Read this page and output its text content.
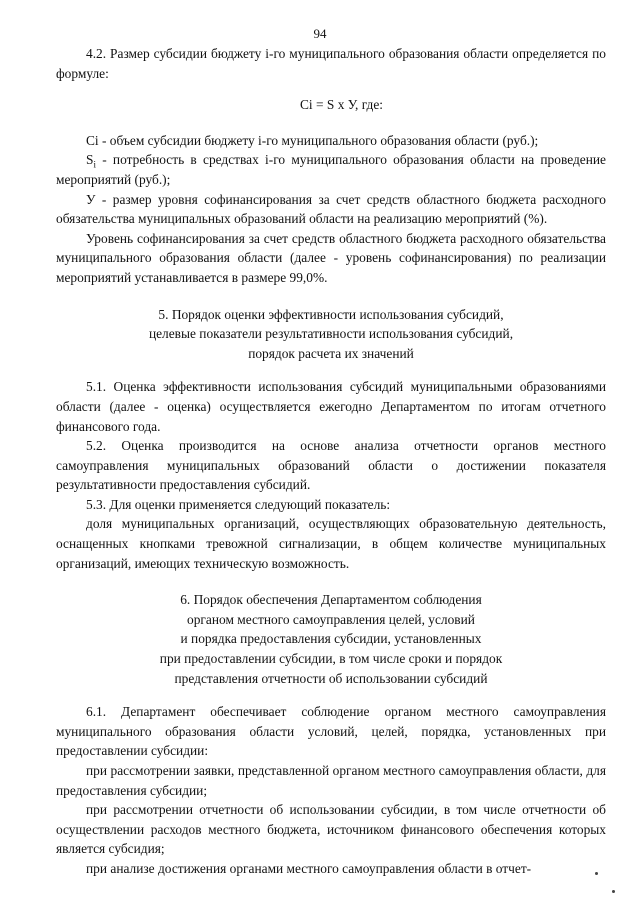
94

4.2. Размер субсидии бюджету i-го муниципального образования области определяется по формуле:

Ci = S х У, где:

Ci - объем субсидии бюджету i-го муниципального образования области (руб.);

$S_i$ - потребность в средствах i-го муниципального образования области на проведение мероприятий (руб.);

У - размер уровня софинансирования за счет средств областного бюджета расходного обязательства муниципальных образований области на реализацию мероприятий (%).

Уровень софинансирования за счет средств областного бюджета расходного обязательства муниципального образования области (далее - уровень софинансирования) по реализации мероприятий устанавливается в размере 99,0%.

5. Порядок оценки эффективности использования субсидий,

целевые показатели результативности использования субсидий,

порядок расчета их значений

5.1. Оценка эффективности использования субсидий муниципальными образованиями области (далее - оценка) осуществляется ежегодно Департаментом по итогам отчетного финансового года.

5.2. Оценка производится на основе анализа отчетности органов местного самоуправления муниципальных образований области о достижении показателя результативности предоставления субсидий.

5.3. Для оценки применяется следующий показатель:

доля муниципальных организаций, осуществляющих образовательную деятельность, оснащенных кнопками тревожной сигнализации, в общем количестве муниципальных организаций, имеющих техническую возможность.

6. Порядок обеспечения Департаментом соблюдения

органом местного самоуправления целей, условий

и порядка предоставления субсидии, установленных

при предоставлении субсидии, в том числе сроки и порядок

представления отчетности об использовании субсидий

6.1. Департамент обеспечивает соблюдение органом местного самоуправления муниципального образования области условий, целей, порядка, установленных при предоставлении субсидии:

при рассмотрении заявки, представленной органом местного самоуправления области, для предоставления субсидии;

при рассмотрении отчетности об использовании субсидии, в том числе отчетности об осуществлении расходов местного бюджета, источником финансового обеспечения которых является субсидия;

при анализе достижения органами местного самоуправления области в отчет-
